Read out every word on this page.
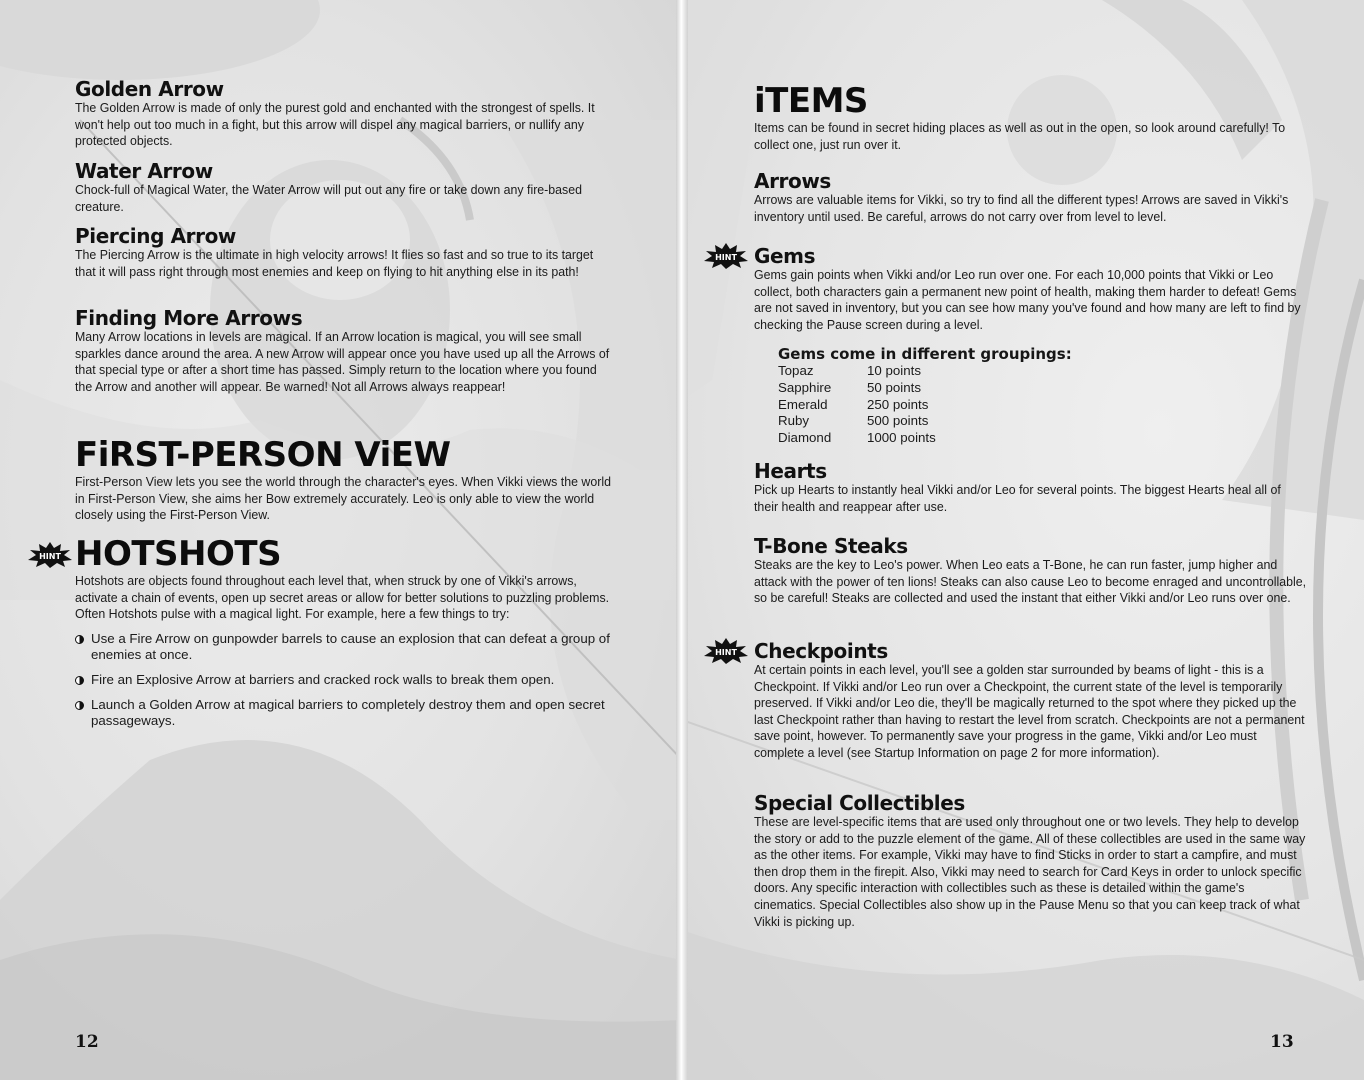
Golden Arrow

The Golden Arrow is made of only the purest gold and enchanted with the strongest of spells. It won't help out too much in a fight, but this arrow will dispel any magical barriers, or nullify any protected objects.

Water Arrow

Chock-full of Magical Water, the Water Arrow will put out any fire or take down any fire-based creature.

Piercing Arrow

The Piercing Arrow is the ultimate in high velocity arrows! It flies so fast and so true to its target that it will pass right through most enemies and keep on flying to hit anything else in its path!

Finding More Arrows

Many Arrow locations in levels are magical. If an Arrow location is magical, you will see small sparkles dance around the area. A new Arrow will appear once you have used up all the Arrows of that special type or after a short time has passed. Simply return to the location where you found the Arrow and another will appear. Be warned! Not all Arrows always reappear!

FiRST-PERSON ViEW

First-Person View lets you see the world through the character's eyes. When Vikki views the world in First-Person View, she aims her Bow extremely accurately. Leo is only able to view the world closely using the First-Person View.

HINT HOTSHOTS

Hotshots are objects found throughout each level that, when struck by one of Vikki's arrows, activate a chain of events, open up secret areas or allow for better solutions to puzzling problems. Often Hotshots pulse with a magical light. For example, here a few things to try:

Use a Fire Arrow on gunpowder barrels to cause an explosion that can defeat a group of enemies at once.
Fire an Explosive Arrow at barriers and cracked rock walls to break them open.
Launch a Golden Arrow at magical barriers to completely destroy them and open secret passageways.
12
iTEMS

Items can be found in secret hiding places as well as out in the open, so look around carefully! To collect one, just run over it.

Arrows

Arrows are valuable items for Vikki, so try to find all the different types! Arrows are saved in Vikki's inventory until used. Be careful, arrows do not carry over from level to level.

HINT Gems

Gems gain points when Vikki and/or Leo run over one. For each 10,000 points that Vikki or Leo collect, both characters gain a permanent new point of health, making them harder to defeat! Gems are not saved in inventory, but you can see how many you've found and how many are left to find by checking the Pause screen during a level.

Gems come in different groupings:
Topaz	10 points
Sapphire	50 points
Emerald	250 points
Ruby	500 points
Diamond	1000 points
Hearts

Pick up Hearts to instantly heal Vikki and/or Leo for several points. The biggest Hearts heal all of their health and reappear after use.

T-Bone Steaks

Steaks are the key to Leo's power. When Leo eats a T-Bone, he can run faster, jump higher and attack with the power of ten lions! Steaks can also cause Leo to become enraged and uncontrollable, so be careful! Steaks are collected and used the instant that either Vikki and/or Leo runs over one.

HINT Checkpoints

At certain points in each level, you'll see a golden star surrounded by beams of light - this is a Checkpoint. If Vikki and/or Leo run over a Checkpoint, the current state of the level is temporarily preserved. If Vikki and/or Leo die, they'll be magically returned to the spot where they picked up the last Checkpoint rather than having to restart the level from scratch. Checkpoints are not a permanent save point, however. To permanently save your progress in the game, Vikki and/or Leo must complete a level (see Startup Information on page 2 for more information).

Special Collectibles

These are level-specific items that are used only throughout one or two levels. They help to develop the story or add to the puzzle element of the game. All of these collectibles are used in the same way as the other items. For example, Vikki may have to find Sticks in order to start a campfire, and must then drop them in the firepit. Also, Vikki may need to search for Card Keys in order to unlock specific doors. Any specific interaction with collectibles such as these is detailed within the game's cinematics. Special Collectibles also show up in the Pause Menu so that you can keep track of what Vikki is picking up.

13
